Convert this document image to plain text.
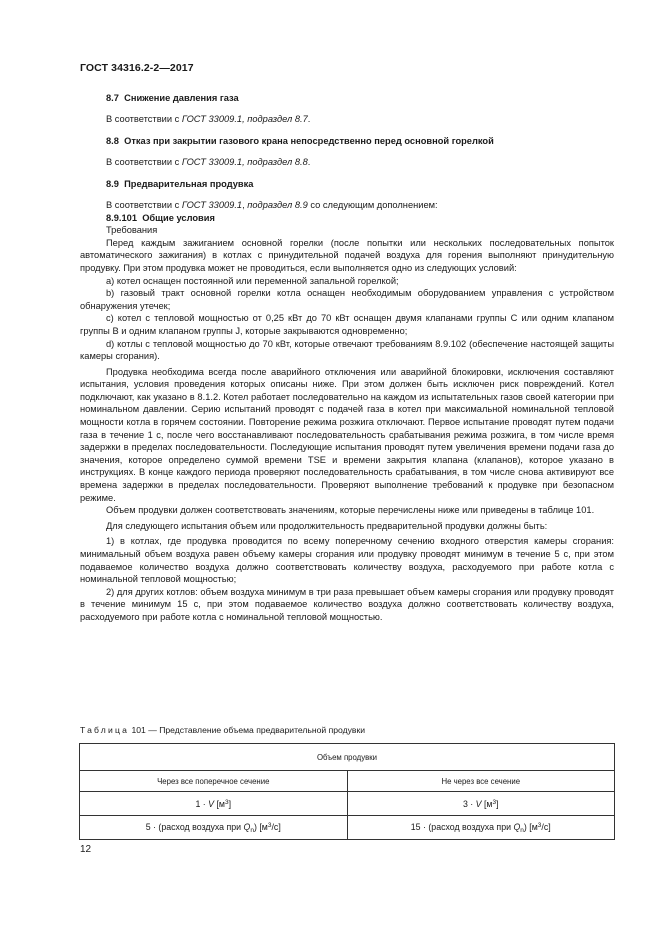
ГОСТ 34316.2-2—2017

8.7 Снижение давления газа

В соответствии с ГОСТ 33009.1, подраздел 8.7.

8.8 Отказ при закрытии газового крана непосредственно перед основной горелкой

В соответствии с ГОСТ 33009.1, подраздел 8.8.

8.9 Предварительная продувка

В соответствии с ГОСТ 33009.1, подраздел 8.9 со следующим дополнением:

8.9.101 Общие условия

Требования

Перед каждым зажиганием основной горелки (после попытки или нескольких последовательных попыток автоматического зажигания) в котлах с принудительной подачей воздуха для горения выполняют принудительную продувку. При этом продувка может не проводиться, если выполняется одно из следующих условий:

a) котел оснащен постоянной или переменной запальной горелкой;

b) газовый тракт основной горелки котла оснащен необходимым оборудованием управления с устройством обнаружения утечек;

c) котел с тепловой мощностью от 0,25 кВт до 70 кВт оснащен двумя клапанами группы С или одним клапаном группы В и одним клапаном группы J, которые закрываются одновременно;

d) котлы с тепловой мощностью до 70 кВт, которые отвечают требованиям 8.9.102 (обеспечение настоящей защиты камеры сгорания).

Продувка необходима всегда после аварийного отключения или аварийной блокировки, исключения составляют испытания, условия проведения которых описаны ниже. При этом должен быть исключен риск повреждений. Котел подключают, как указано в 8.1.2. Котел работает последовательно на каждом из испытательных газов своей категории при номинальном давлении. Серию испытаний проводят с подачей газа в котел при максимальной номинальной тепловой мощности котла в горячем состоянии. Повторение режима розжига отключают. Первое испытание проводят путем подачи газа в течение 1 с, после чего восстанавливают последовательность срабатывания режима розжига, в том числе время задержки в пределах последовательности. Последующие испытания проводят путем увеличения времени подачи газа до значения, которое определено суммой времени TSE и времени закрытия клапана (клапанов), которое указано в инструкциях. В конце каждого периода проверяют последовательность срабатывания, в том числе снова активируют все времена задержки в пределах последовательности. Проверяют выполнение требований к продувке при безопасном режиме.

Объем продувки должен соответствовать значениям, которые перечислены ниже или приведены в таблице 101.

Для следующего испытания объем или продолжительность предварительной продувки должны быть:

1) в котлах, где продувка проводится по всему поперечному сечению входного отверстия камеры сгорания: минимальный объем воздуха равен объему камеры сгорания или продувку проводят минимум в течение 5 с, при этом подаваемое количество воздуха должно соответствовать количеству воздуха, расходуемого при работе котла с номинальной тепловой мощностью;

2) для других котлов: объем воздуха минимум в три раза превышает объем камеры сгорания или продувку проводят в течение минимум 15 с, при этом подаваемое количество воздуха должно соответствовать количеству воздуха, расходуемого при работе котла с номинальной тепловой мощностью.

Таблица 101 — Представление объема предварительной продувки
Объем продувки	
Через все поперечное сечение	Не через все сечение
1 · V $[м^3]$	3 · V $[м^3]$
5 · (расход воздуха при $Q_n$) $[м^3/с]$	15 · (расход воздуха при $Q_n$) $[м^3/с]$
12
